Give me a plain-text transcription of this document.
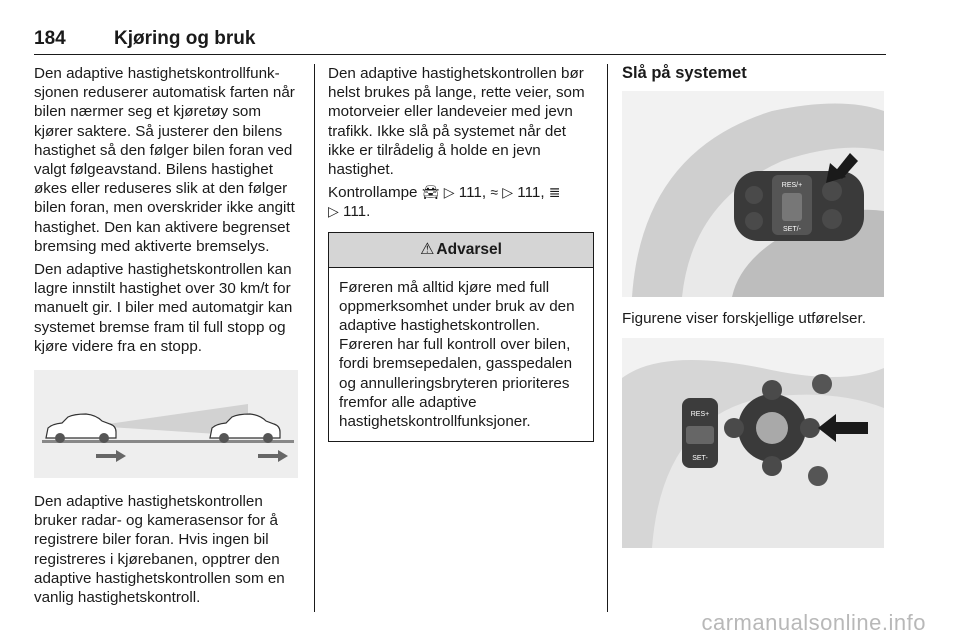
184	Kjøring og bruk

Den adaptive hastighetskontrollfunksjonen reduserer automatisk farten når bilen nærmer seg et kjøretøy som kjører saktere. Så justerer den bilens hastighet så den følger bilen foran ved valgt følgeavstand. Bilens hastighet økes eller reduseres slik at den følger bilen foran, men overskrider ikke angitt hastighet. Den kan aktivere begrenset bremsing med aktiverte bremselys.

Den adaptive hastighetskontrollen kan lagre innstilt hastighet over 30 km/t for manuelt gir. I biler med automatgir kan systemet bremse fram til full stopp og kjøre videre fra en stopp.

Den adaptive hastighetskontrollen bruker radar- og kamerasensor for å registrere biler foran. Hvis ingen bil registreres i kjørebanen, opptrer den adaptive hastighetskontrollen som en vanlig hastighetskontroll.

Den adaptive hastighetskontrollen bør helst brukes på lange, rette veier, som motorveier eller landeveier med jevn trafikk. Ikke slå på systemet når det ikke er tilrådelig å holde en jevn hastighet.

Kontrollampe 🚘︎ ▷ 111, ≈ ▷ 111, ≣
▷ 111.

⚠ Advarsel
Føreren må alltid kjøre med full oppmerksomhet under bruk av den adaptive hastighetskontrollen. Føreren har full kontroll over bilen, fordi bremsepedalen, gasspedalen og annulleringsbryteren prioriteres fremfor alle adaptive hastighetskontrollfunksjoner.
Slå på systemet
RES/+
SET/-

Figurene viser forskjellige utførelser.

RES+
SET-
carmanualsonline.info
